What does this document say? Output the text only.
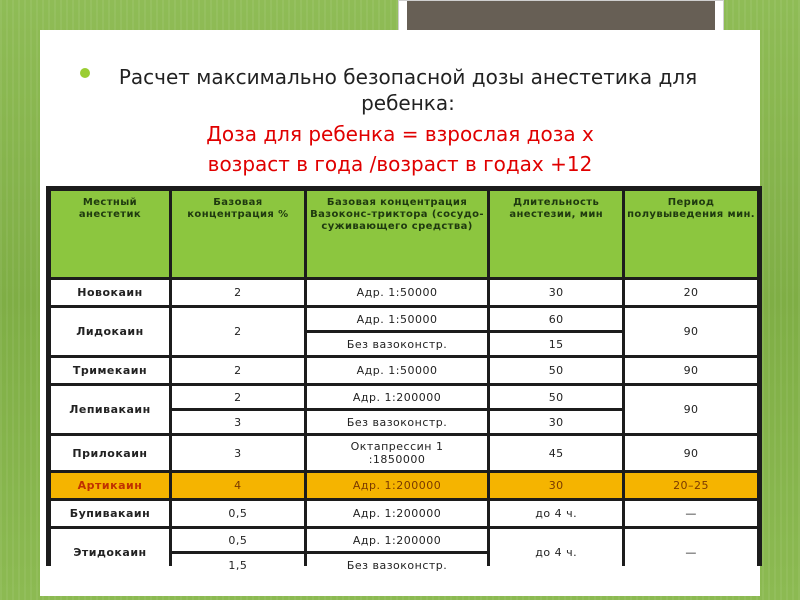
Расчет максимально безопасной дозы анестетика для ребенка:
Доза для ребенка = взрослая доза х
возраст в года /возраст в годах +12
Местный анестетик	Базовая концентрация %	Базовая концентрация Вазоконс-триктора (сосудо-суживающего средства)	Длительность анестезии, мин	Период полувыведения мин.
Новокаин	2	Адр. 1:50000	30	20
Лидокаин	2	Адр. 1:50000	60	90
		Без вазоконстр.	15	
Тримекаин	2	Адр. 1:50000	50	90
Лепивакаин	2	Адр. 1:200000	50	90
	3	Без вазоконстр.	30	
Прилокаин	3	Октапрессин 1 :1850000	45	90
Артикаин	4	Адр. 1:200000	30	20–25
Бупивакаин	0,5	Адр. 1:200000	до 4 ч.	—
Этидокаин	0,5	Адр. 1:200000	до 4 ч.	—
	1,5	Без вазоконстр.		
